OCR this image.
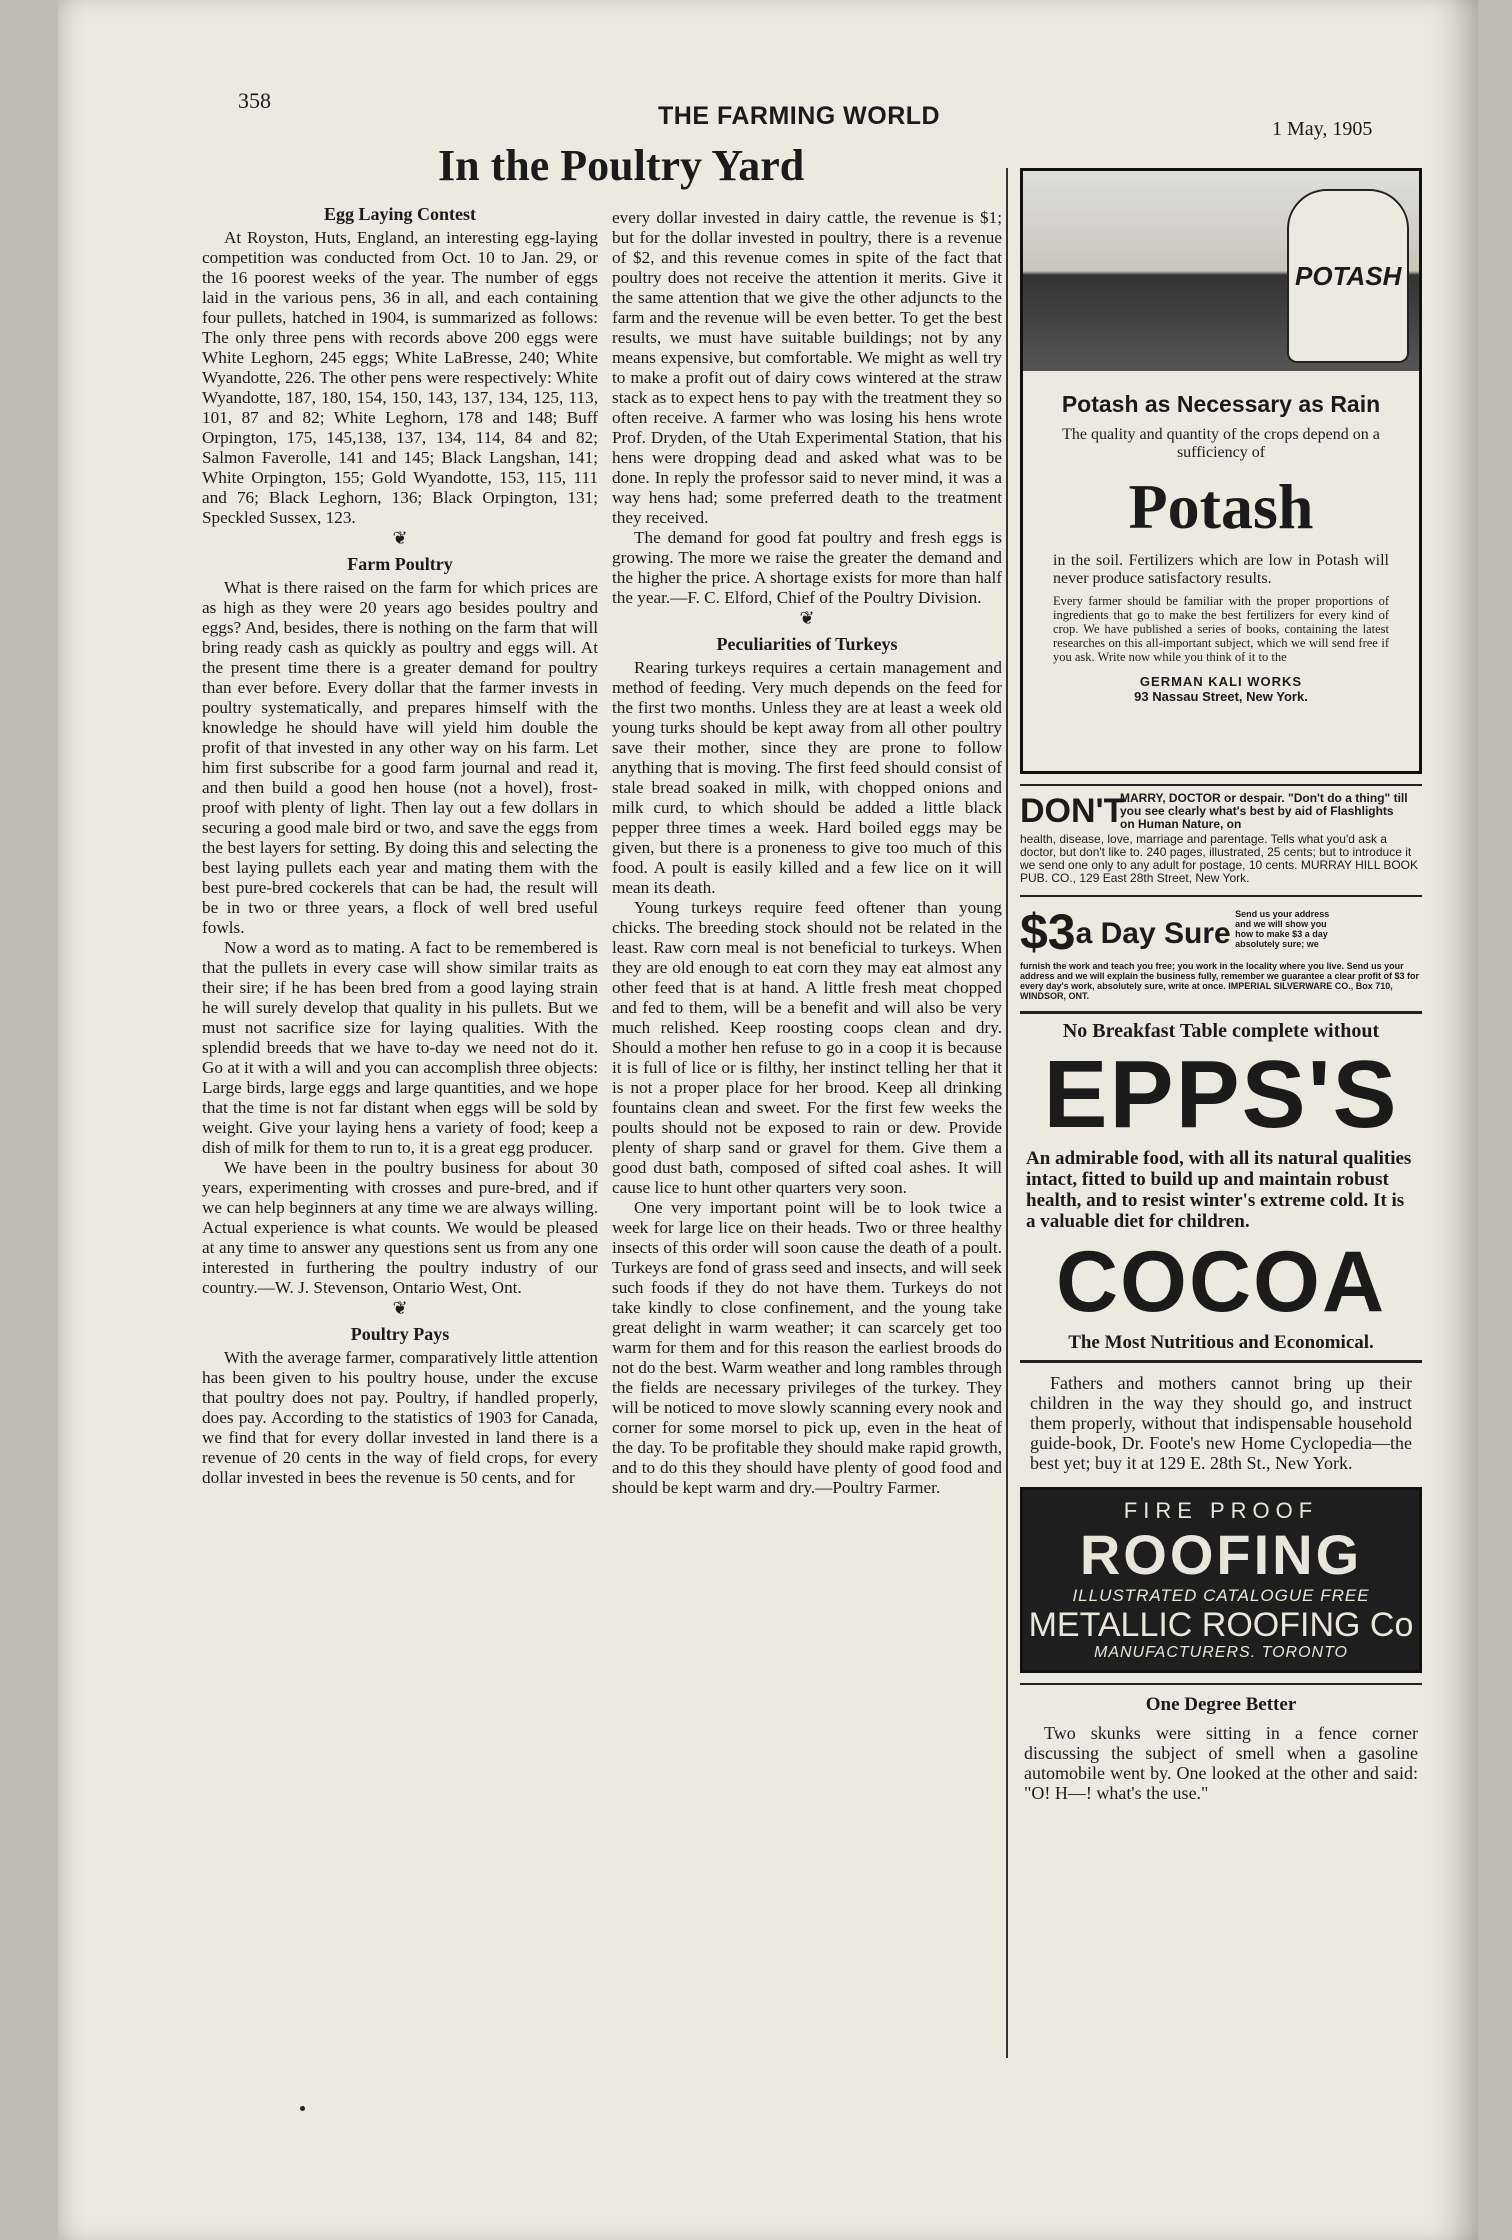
358
THE FARMING WORLD	1 May, 1905
In the Poultry Yard
Egg Laying Contest

At Royston, Huts, England, an interesting egg-laying competition was conducted from Oct. 10 to Jan. 29, or the 16 poorest weeks of the year. The number of eggs laid in the various pens, 36 in all, and each containing four pullets, hatched in 1904, is summarized as follows: The only three pens with records above 200 eggs were White Leghorn, 245 eggs; White LaBresse, 240; White Wyandotte, 226. The other pens were respectively: White Wyandotte, 187, 180, 154, 150, 143, 137, 134, 125, 113, 101, 87 and 82; White Leghorn, 178 and 148; Buff Orpington, 175, 145,138, 137, 134, 114, 84 and 82; Salmon Faverolle, 141 and 145; Black Langshan, 141; White Orpington, 155; Gold Wyandotte, 153, 115, 111 and 76; Black Leghorn, 136; Black Orpington, 131; Speckled Sussex, 123.

❦
Farm Poultry

What is there raised on the farm for which prices are as high as they were 20 years ago besides poultry and eggs? And, besides, there is nothing on the farm that will bring ready cash as quickly as poultry and eggs will. At the present time there is a greater demand for poultry than ever before. Every dollar that the farmer invests in poultry systematically, and prepares himself with the knowledge he should have will yield him double the profit of that invested in any other way on his farm. Let him first subscribe for a good farm journal and read it, and then build a good hen house (not a hovel), frost-proof with plenty of light. Then lay out a few dollars in securing a good male bird or two, and save the eggs from the best layers for setting. By doing this and selecting the best laying pullets each year and mating them with the best pure-bred cockerels that can be had, the result will be in two or three years, a flock of well bred useful fowls.

Now a word as to mating. A fact to be remembered is that the pullets in every case will show similar traits as their sire; if he has been bred from a good laying strain he will surely develop that quality in his pullets. But we must not sacrifice size for laying qualities. With the splendid breeds that we have to-day we need not do it. Go at it with a will and you can accomplish three objects: Large birds, large eggs and large quantities, and we hope that the time is not far distant when eggs will be sold by weight. Give your laying hens a variety of food; keep a dish of milk for them to run to, it is a great egg producer.

We have been in the poultry business for about 30 years, experimenting with crosses and pure-bred, and if we can help beginners at any time we are always willing. Actual experience is what counts. We would be pleased at any time to answer any questions sent us from any one interested in furthering the poultry industry of our country.—W. J. Stevenson, Ontario West, Ont.

❦
Poultry Pays

With the average farmer, comparatively little attention has been given to his poultry house, under the excuse that poultry does not pay. Poultry, if handled properly, does pay. According to the statistics of 1903 for Canada, we find that for every dollar invested in land there is a revenue of 20 cents in the way of field crops, for every dollar invested in bees the revenue is 50 cents, and for

every dollar invested in dairy cattle, the revenue is $1; but for the dollar invested in poultry, there is a revenue of $2, and this revenue comes in spite of the fact that poultry does not receive the attention it merits. Give it the same attention that we give the other adjuncts to the farm and the revenue will be even better. To get the best results, we must have suitable buildings; not by any means expensive, but comfortable. We might as well try to make a profit out of dairy cows wintered at the straw stack as to expect hens to pay with the treatment they so often receive. A farmer who was losing his hens wrote Prof. Dryden, of the Utah Experimental Station, that his hens were dropping dead and asked what was to be done. In reply the professor said to never mind, it was a way hens had; some preferred death to the treatment they received.

The demand for good fat poultry and fresh eggs is growing. The more we raise the greater the demand and the higher the price. A shortage exists for more than half the year.—F. C. Elford, Chief of the Poultry Division.

❦
Peculiarities of Turkeys

Rearing turkeys requires a certain management and method of feeding. Very much depends on the feed for the first two months. Unless they are at least a week old young turks should be kept away from all other poultry save their mother, since they are prone to follow anything that is moving. The first feed should consist of stale bread soaked in milk, with chopped onions and milk curd, to which should be added a little black pepper three times a week. Hard boiled eggs may be given, but there is a proneness to give too much of this food. A poult is easily killed and a few lice on it will mean its death.

Young turkeys require feed oftener than young chicks. The breeding stock should not be related in the least. Raw corn meal is not beneficial to turkeys. When they are old enough to eat corn they may eat almost any other feed that is at hand. A little fresh meat chopped and fed to them, will be a benefit and will also be very much relished. Keep roosting coops clean and dry. Should a mother hen refuse to go in a coop it is because it is full of lice or is filthy, her instinct telling her that it is not a proper place for her brood. Keep all drinking fountains clean and sweet. For the first few weeks the poults should not be exposed to rain or dew. Provide plenty of sharp sand or gravel for them. Give them a good dust bath, composed of sifted coal ashes. It will cause lice to hunt other quarters very soon.

One very important point will be to look twice a week for large lice on their heads. Two or three healthy insects of this order will soon cause the death of a poult. Turkeys are fond of grass seed and insects, and will seek such foods if they do not have them. Turkeys do not take kindly to close confinement, and the young take great delight in warm weather; it can scarcely get too warm for them and for this reason the earliest broods do not do the best. Warm weather and long rambles through the fields are necessary privileges of the turkey. They will be noticed to move slowly scanning every nook and corner for some morsel to pick up, even in the heat of the day. To be profitable they should make rapid growth, and to do this they should have plenty of good food and should be kept warm and dry.—Poultry Farmer.

POTASH
Potash as Necessary as Rain
The quality and quantity of the crops depend on a sufficiency of
Potash
in the soil. Fertilizers which are low in Potash will never produce satisfactory results.
Every farmer should be familiar with the proper proportions of ingredients that go to make the best fertilizers for every kind of crop. We have published a series of books, containing the latest researches on this all-important subject, which we will send free if you ask. Write now while you think of it to the
GERMAN KALI WORKS
93 Nassau Street, New York.
DON'TMARRY, DOCTOR or despair. "Don't do a thing" till you see clearly what's best by aid of Flashlights on Human Nature, on
health, disease, love, marriage and parentage. Tells what you'd ask a doctor, but don't like to. 240 pages, illustrated, 25 cents; but to introduce it we send one only to any adult for postage, 10 cents. MURRAY HILL BOOK PUB. CO., 129 East 28th Street, New York.
$3a Day Sure Send us your address and we will show you how to make $3 a day absolutely sure; we
furnish the work and teach you free; you work in the locality where you live. Send us your address and we will explain the business fully, remember we guarantee a clear profit of $3 for every day's work, absolutely sure, write at once. IMPERIAL SILVERWARE CO., Box 710, WINDSOR, ONT.
No Breakfast Table complete without
EPPS'S
An admirable food, with all its natural qualities intact, fitted to build up and maintain robust health, and to resist winter's extreme cold. It is a valuable diet for children.
COCOA
The Most Nutritious and Economical.

Fathers and mothers cannot bring up their children in the way they should go, and instruct them properly, without that indispensable household guide-book, Dr. Foote's new Home Cyclopedia—the best yet; buy it at 129 E. 28th St., New York.

FIRE PROOF
ROOFING
ILLUSTRATED CATALOGUE FREE
METALLIC ROOFING Co
MANUFACTURERS. TORONTO
One Degree Better

Two skunks were sitting in a fence corner discussing the subject of smell when a gasoline automobile went by. One looked at the other and said: "O! H—! what's the use."
